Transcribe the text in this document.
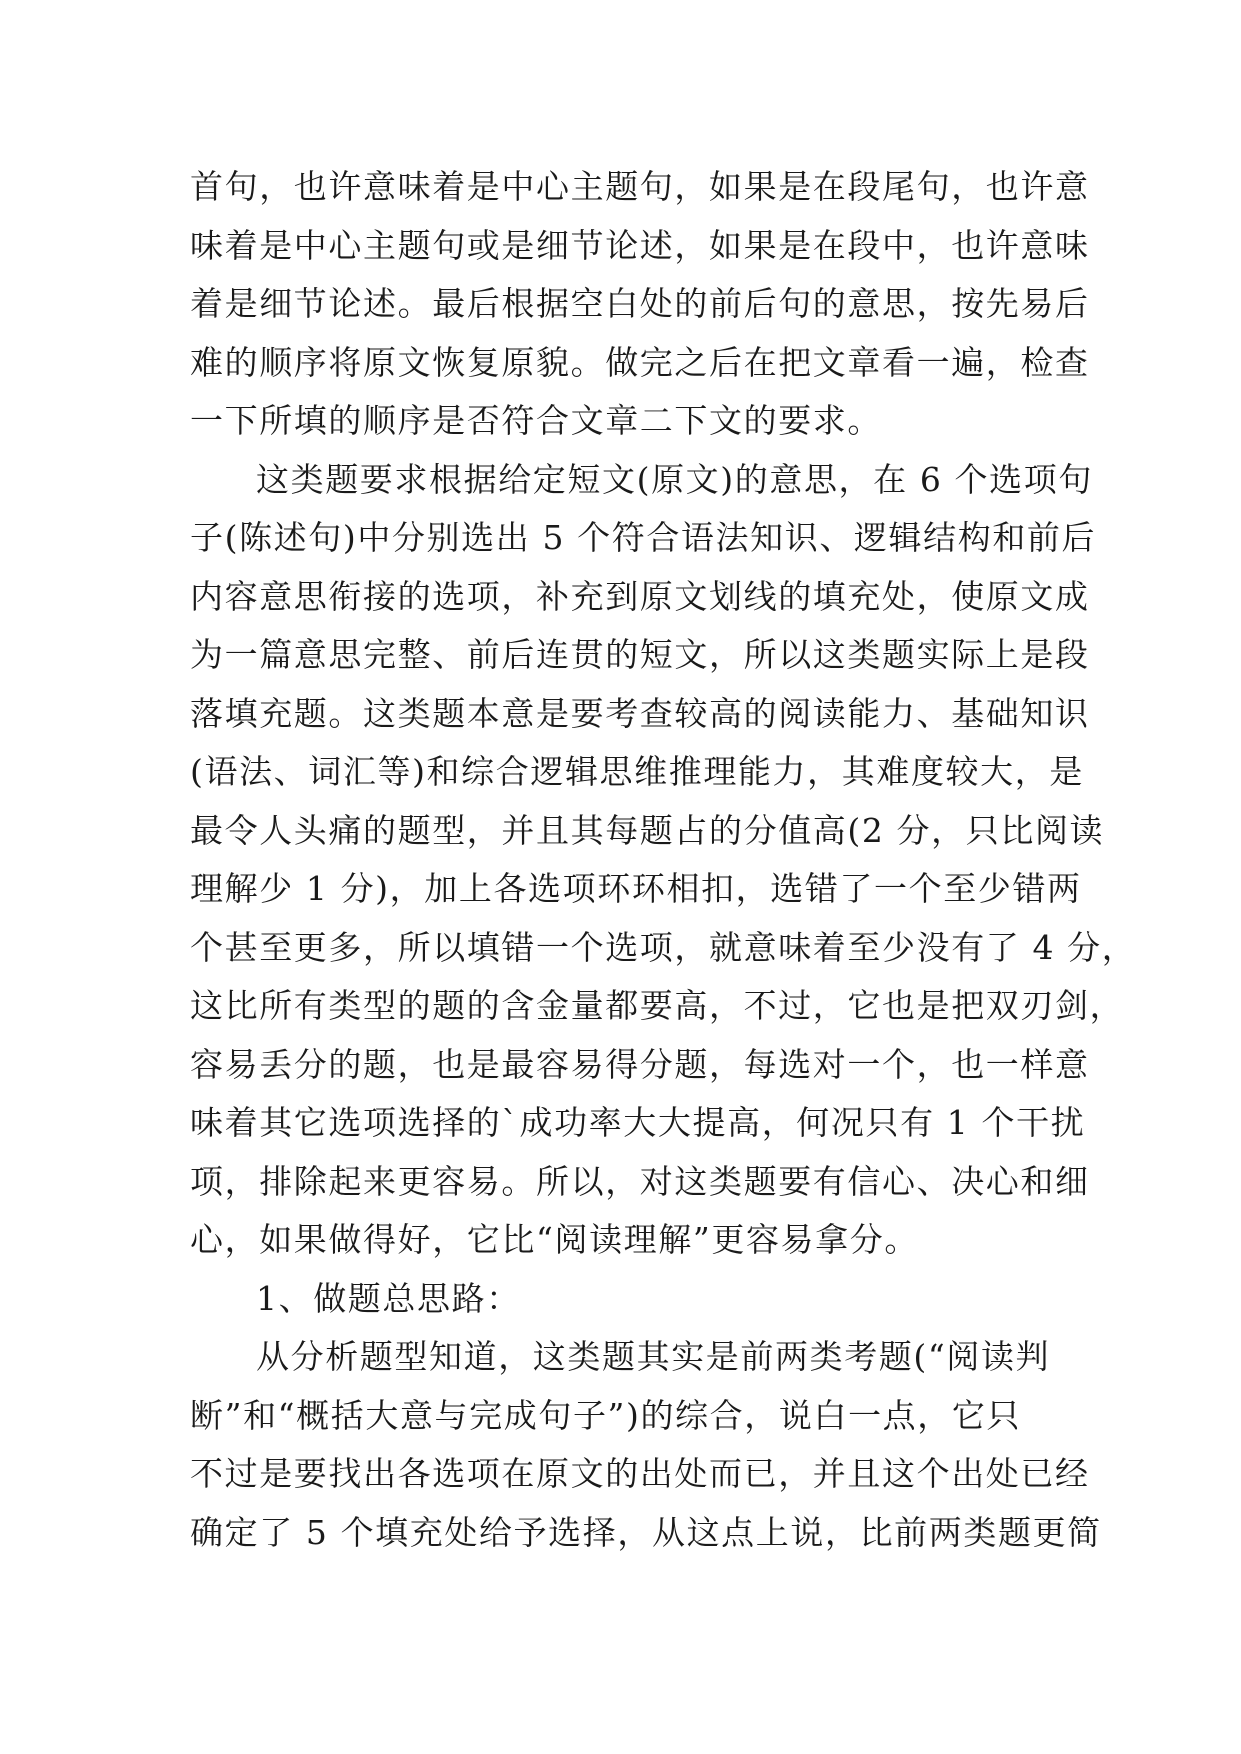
首句，也许意味着是中心主题句，如果是在段尾句，也许意
味着是中心主题句或是细节论述，如果是在段中，也许意味
着是细节论述。最后根据空白处的前后句的意思，按先易后
难的顺序将原文恢复原貌。做完之后在把文章看一遍，检查
一下所填的顺序是否符合文章二下文的要求。
这类题要求根据给定短文(原文)的意思，在 6 个选项句
子(陈述句)中分别选出 5 个符合语法知识、逻辑结构和前后
内容意思衔接的选项，补充到原文划线的填充处，使原文成
为一篇意思完整、前后连贯的短文，所以这类题实际上是段
落填充题。这类题本意是要考查较高的阅读能力、基础知识
(语法、词汇等)和综合逻辑思维推理能力，其难度较大，是
最令人头痛的题型，并且其每题占的分值高(2 分，只比阅读
理解少 1 分)，加上各选项环环相扣，选错了一个至少错两
个甚至更多，所以填错一个选项，就意味着至少没有了 4 分，
这比所有类型的题的含金量都要高，不过，它也是把双刃剑，
容易丢分的题，也是最容易得分题，每选对一个，也一样意
味着其它选项选择的`成功率大大提高，何况只有 1 个干扰
项，排除起来更容易。所以，对这类题要有信心、决心和细
心，如果做得好，它比“阅读理解”更容易拿分。
1、做题总思路：
从分析题型知道，这类题其实是前两类考题(“阅读判
断”和“概括大意与完成句子”)的综合，说白一点，它只
不过是要找出各选项在原文的出处而已，并且这个出处已经
确定了 5 个填充处给予选择，从这点上说，比前两类题更简
